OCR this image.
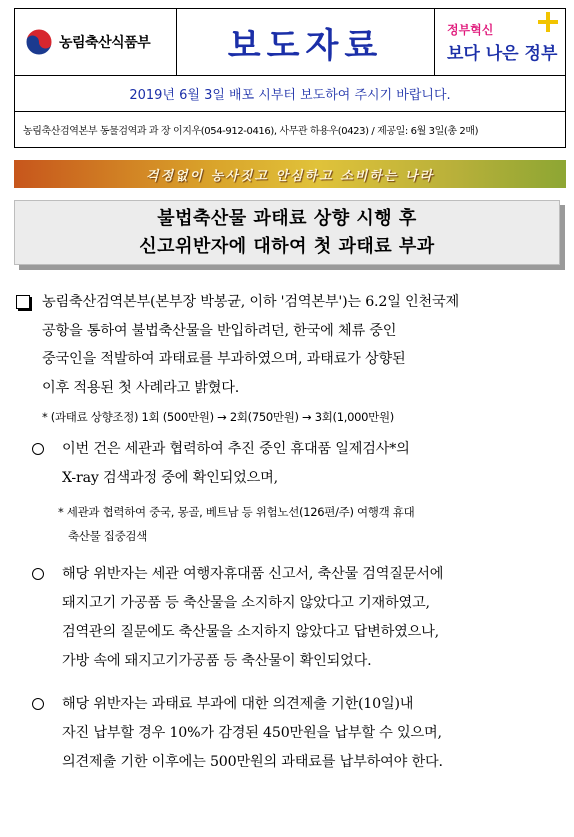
농림축산식품부 보도자료	정부혁신
보다 나은 정부
2019년 6월 3일 배포 시부터 보도하여 주시기 바랍니다.
농림축산검역본부 동물검역과 과 장 이지우(054-912-0416), 사무관 하용우(0423) / 제공일: 6월 3일(총 2매)
걱정없이 농사짓고 안심하고 소비하는 나라
불법축산물 과태료 상향 시행 후
신고위반자에 대하여 첫 과태료 부과
농림축산검역본부(본부장 박봉균, 이하 '검역본부')는 6.2일 인천국제
공항을 통하여 불법축산물을 반입하려던, 한국에 체류 중인
중국인을 적발하여 과태료를 부과하였으며, 과태료가 상향된
이후 적용된 첫 사례라고 밝혔다.
* (과태료 상향조정) 1회 (500만원) → 2회(750만원) → 3회(1,000만원)
이번 건은 세관과 협력하여 추진 중인 휴대품 일제검사*의
X-ray 검색과정 중에 확인되었으며,
* 세관과 협력하여 중국, 몽골, 베트남 등 위험노선(126편/주) 여행객 휴대
축산물 집중검색
해당 위반자는 세관 여행자휴대품 신고서, 축산물 검역질문서에
돼지고기 가공품 등 축산물을 소지하지 않았다고 기재하였고,
검역관의 질문에도 축산물을 소지하지 않았다고 답변하였으나,
가방 속에 돼지고기가공품 등 축산물이 확인되었다.
해당 위반자는 과태료 부과에 대한 의견제출 기한(10일)내
자진 납부할 경우 10%가 감경된 450만원을 납부할 수 있으며,
의견제출 기한 이후에는 500만원의 과태료를 납부하여야 한다.
